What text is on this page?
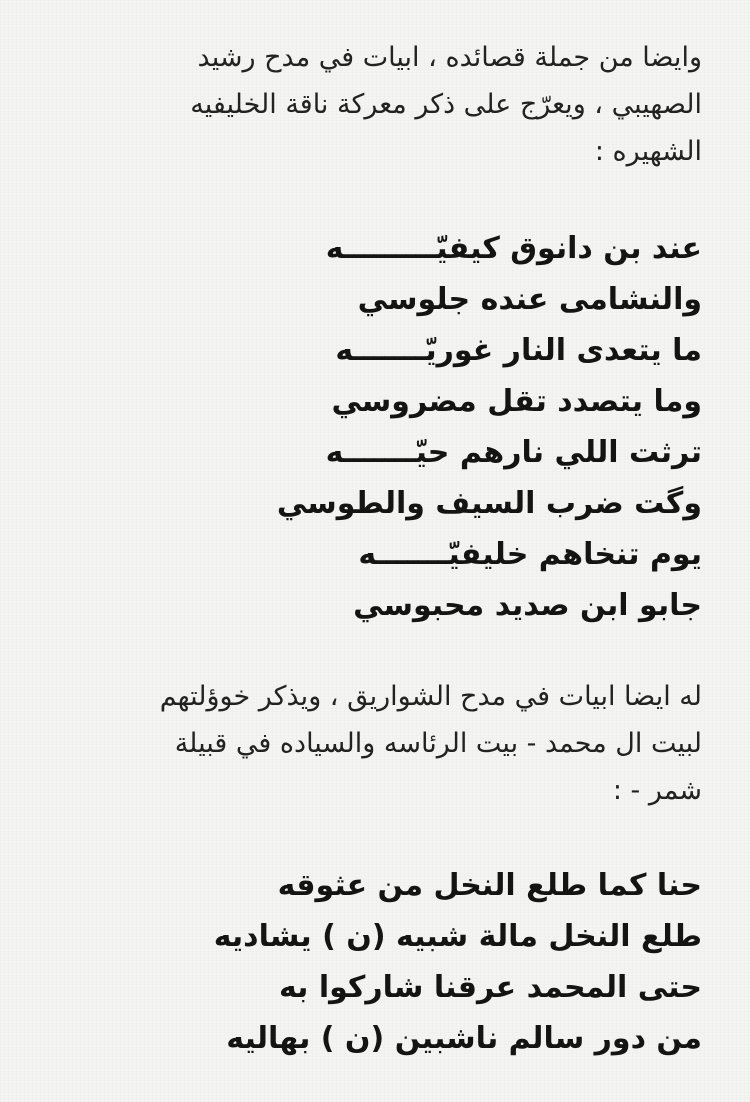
وايضا من جملة قصائده ، ابيات في مدح رشيد
الصهيبي ، ويعرّج على ذكر معركة ناقة الخليفيه
الشهيره :

عند بن دانوق كيفيّـــــــــه
والنشامى عنده جلوسي
ما يتعدى النار غوريّـــــــه
وما يتصدد تقل مضروسي
ترثت اللي نارهم حيّـــــــه
وگت ضرب السيف والطوسي
يوم تنخاهم خليفيّـــــــه
جابو ابن صديد محبوسي

له ايضا ابيات في مدح الشواريق ، ويذكر خوؤلتهم
لبيت ال محمد - بيت الرئاسه والسياده في قبيلة
شمر - :

حنا كما طلع النخل من عثوقه
طلع النخل مالة شبيه (ن ) يشاديه
حتى المحمد عرقنا شاركوا به
من دور سالم ناشبين (ن ) بهاليه
